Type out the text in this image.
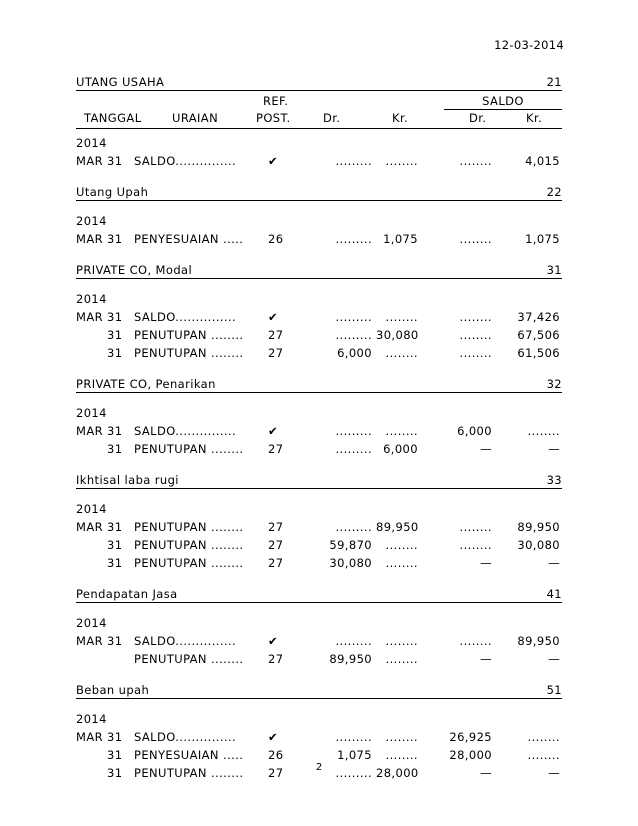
12-03-2014
UTANG USAHA	21
REF.	SALDO
TANGGAL	URAIAN	POST.	Dr.	Kr.	Dr.	Kr.
2014
MAR 31 SALDO...............	✔	.........	........	........	4,015
Utang Upah	22
2014
MAR 31 PENYESUAIAN .....	26	......... 1,075	........	1,075
PRIVATE CO, Modal	31
2014
MAR 31 SALDO...............	✔	.........	........	........	37,426
31 PENUTUPAN ........	27	......... 30,080	........	67,506
31 PENUTUPAN ........	27	6,000	........	........	61,506
PRIVATE CO, Penarikan	32
2014
MAR 31 SALDO...............	✔	.........	........	6,000	........
31 PENUTUPAN ........	27	......... 6,000	—	—
Ikhtisal laba rugi	33
2014
MAR 31 PENUTUPAN ........	27	......... 89,950	........	89,950
31 PENUTUPAN ........	27	59,870	........	........	30,080
31 PENUTUPAN ........	27	30,080	........	—	—
Pendapatan Jasa	41
2014
MAR 31 SALDO...............	✔	.........	........	........	89,950
PENUTUPAN ........	27	89,950	........	—	—
Beban upah	51
2014
MAR 31 SALDO...............	✔	.........	........	26,925	........
31 PENYESUAIAN .....	26	1,075	........	28,000	........
31 PENUTUPAN ........	27	......... 28,000	—	—
2
